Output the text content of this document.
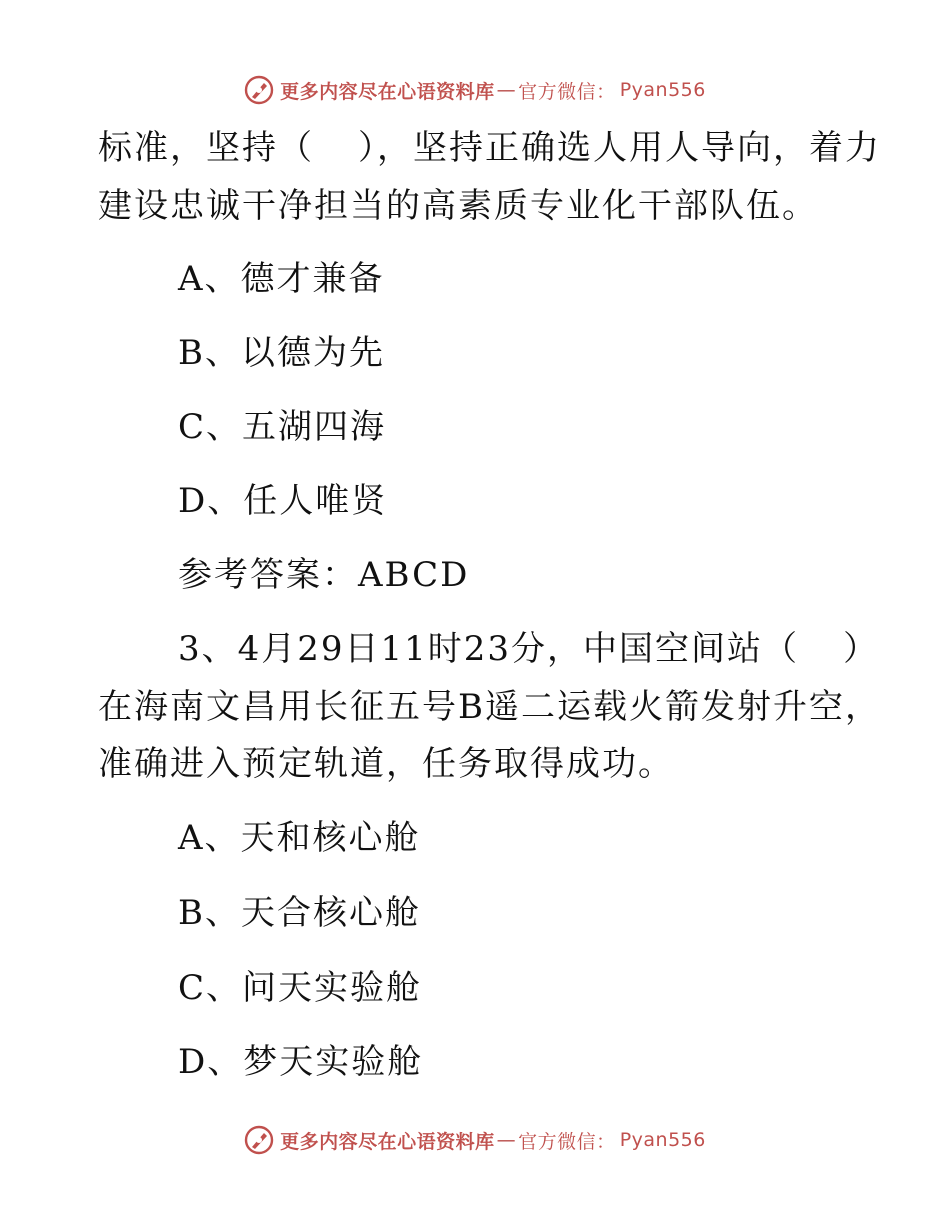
更多内容尽在心语资料库 — 官方微信： Pyan556
标准，坚持（ ），坚持正确选人用人导向，着力
建设忠诚干净担当的高素质专业化干部队伍。
A、德才兼备
B、以德为先
C、五湖四海
D、任人唯贤
参考答案：ABCD
3、4月29日11时23分，中国空间站（ ）
在海南文昌用长征五号B遥二运载火箭发射升空，
准确进入预定轨道，任务取得成功。
A、天和核心舱
B、天合核心舱
C、问天实验舱
D、梦天实验舱
更多内容尽在心语资料库 — 官方微信： Pyan556
